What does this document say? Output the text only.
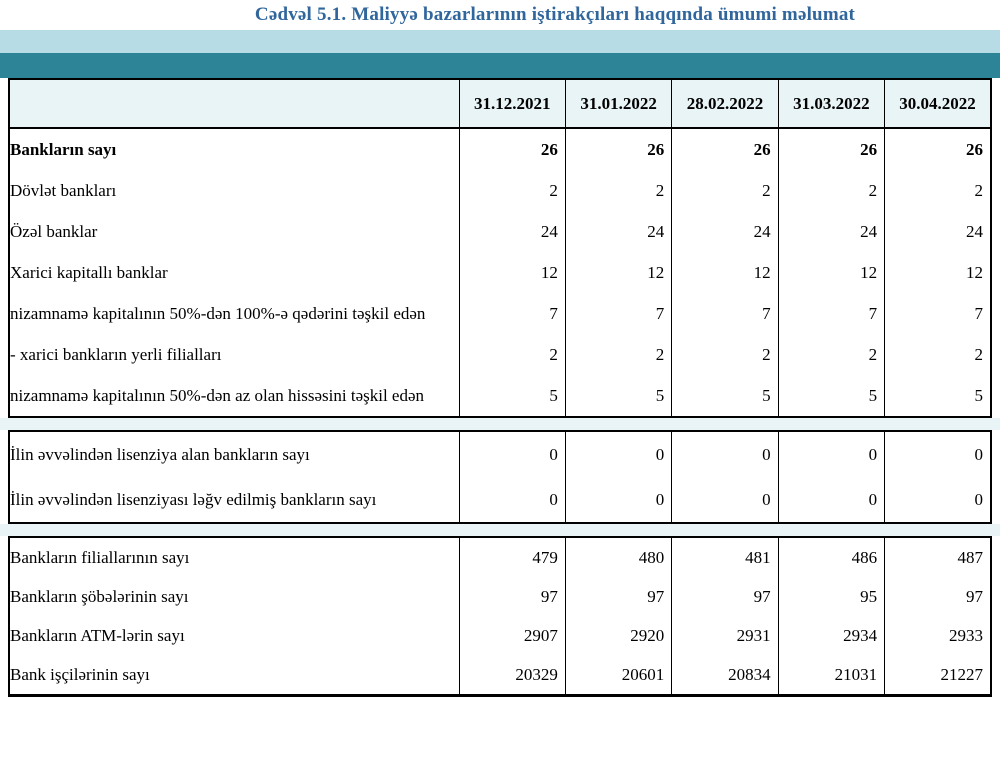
Cədvəl 5.1. Maliyyə bazarlarının iştirakçıları haqqında ümumi məlumat
	31.12.2021	31.01.2022	28.02.2022	31.03.2022	30.04.2022
Bankların sayı	26	26	26	26	26
Dövlət bankları	2	2	2	2	2
Özəl banklar	24	24	24	24	24
Xarici kapitallı banklar	12	12	12	12	12
nizamnamə kapitalının 50%-dən 100%-ə qədərini təşkil edən	7	7	7	7	7
- xarici bankların yerli filialları	2	2	2	2	2
nizamnamə kapitalının 50%-dən az olan hissəsini təşkil edən	5	5	5	5	5
İlin əvvəlindən lisenziya alan bankların sayı	0	0	0	0	0
İlin əvvəlindən lisenziyası ləğv edilmiş bankların sayı	0	0	0	0	0
Bankların filiallarının sayı	479	480	481	486	487
Bankların şöbələrinin sayı	97	97	97	95	97
Bankların ATM-lərin sayı	2907	2920	2931	2934	2933
Bank işçilərinin sayı	20329	20601	20834	21031	21227
